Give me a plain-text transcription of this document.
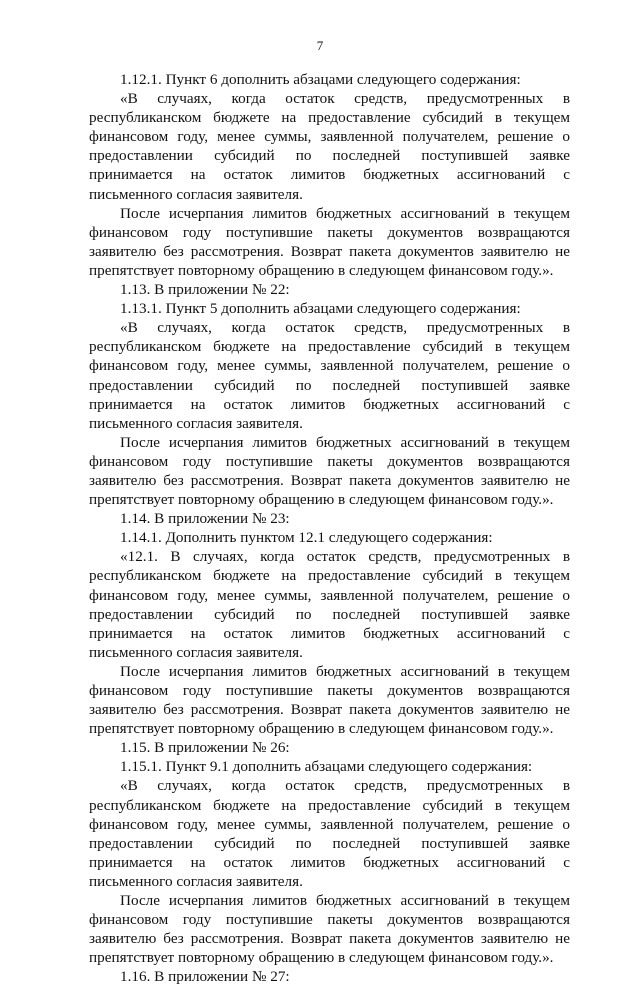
7

1.12.1. Пункт 6 дополнить абзацами следующего содержания:

«В случаях, когда остаток средств, предусмотренных в республиканском бюджете на предоставление субсидий в текущем финансовом году, менее суммы, заявленной получателем, решение о предоставлении субсидий по последней поступившей заявке принимается на остаток лимитов бюджетных ассигнований с письменного согласия заявителя.

После исчерпания лимитов бюджетных ассигнований в текущем финансовом году поступившие пакеты документов возвращаются заявителю без рассмотрения. Возврат пакета документов заявителю не препятствует повторному обращению в следующем финансовом году.».

1.13. В приложении № 22:

1.13.1. Пункт 5 дополнить абзацами следующего содержания:

«В случаях, когда остаток средств, предусмотренных в республиканском бюджете на предоставление субсидий в текущем финансовом году, менее суммы, заявленной получателем, решение о предоставлении субсидий по последней поступившей заявке принимается на остаток лимитов бюджетных ассигнований с письменного согласия заявителя.

После исчерпания лимитов бюджетных ассигнований в текущем финансовом году поступившие пакеты документов возвращаются заявителю без рассмотрения. Возврат пакета документов заявителю не препятствует повторному обращению в следующем финансовом году.».

1.14. В приложении № 23:

1.14.1. Дополнить пунктом 12.1 следующего содержания:

«12.1. В случаях, когда остаток средств, предусмотренных в республиканском бюджете на предоставление субсидий в текущем финансовом году, менее суммы, заявленной получателем, решение о предоставлении субсидий по последней поступившей заявке принимается на остаток лимитов бюджетных ассигнований с письменного согласия заявителя.

После исчерпания лимитов бюджетных ассигнований в текущем финансовом году поступившие пакеты документов возвращаются заявителю без рассмотрения. Возврат пакета документов заявителю не препятствует повторному обращению в следующем финансовом году.».

1.15. В приложении № 26:

1.15.1. Пункт 9.1 дополнить абзацами следующего содержания:

«В случаях, когда остаток средств, предусмотренных в республиканском бюджете на предоставление субсидий в текущем финансовом году, менее суммы, заявленной получателем, решение о предоставлении субсидий по последней поступившей заявке принимается на остаток лимитов бюджетных ассигнований с письменного согласия заявителя.

После исчерпания лимитов бюджетных ассигнований в текущем финансовом году поступившие пакеты документов возвращаются заявителю без рассмотрения. Возврат пакета документов заявителю не препятствует повторному обращению в следующем финансовом году.».

1.16. В приложении № 27:
